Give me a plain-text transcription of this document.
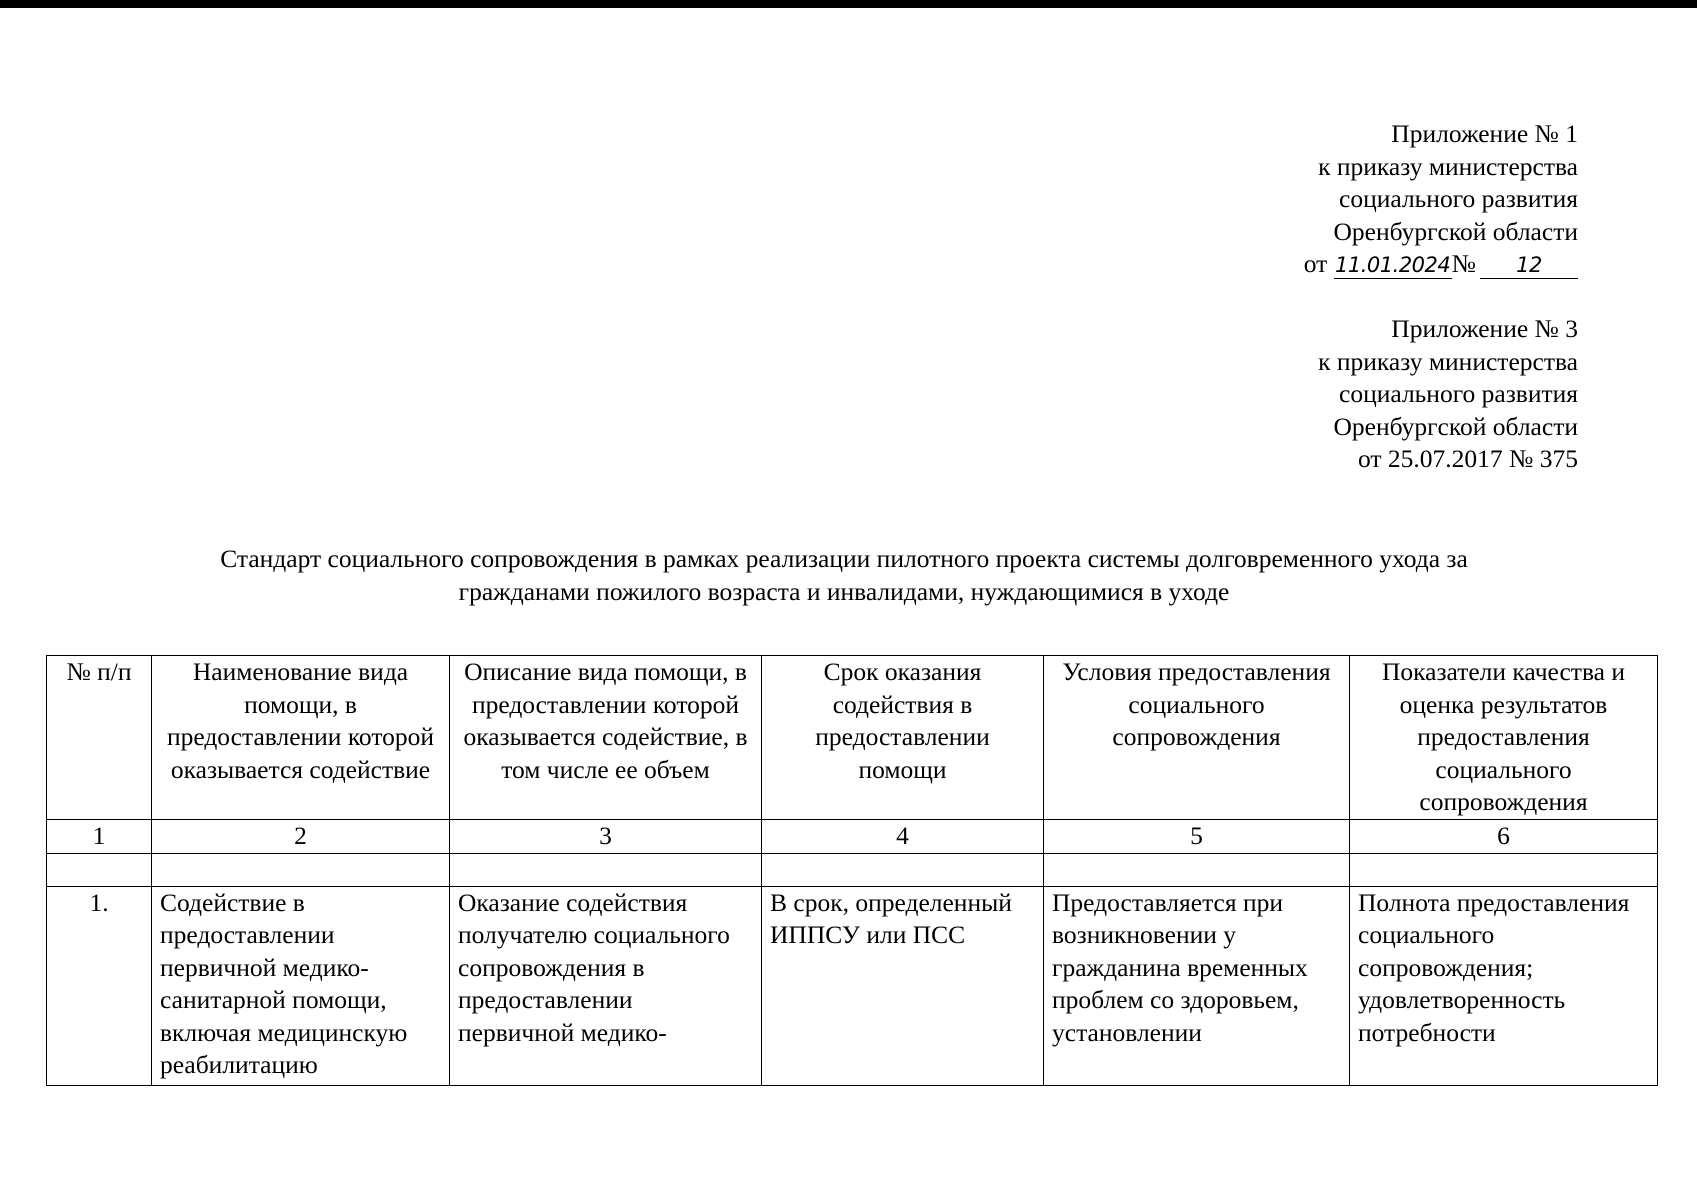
Приложение № 1
к приказу министерства
социального развития
Оренбургской области
от 11.01.2024№ 12
Приложение № 3
к приказу министерства
социального развития
Оренбургской области
от 25.07.2017 № 375
Стандарт социального сопровождения в рамках реализации пилотного проекта системы долговременного ухода за
гражданами пожилого возраста и инвалидами, нуждающимися в уходе
№ п/п	Наименование вида помощи, в предоставлении которой оказывается содействие	Описание вида помощи, в предоставлении которой оказывается содействие, в том числе ее объем	Срок оказания содействия в предоставлении помощи	Условия предоставления социального сопровождения	Показатели качества и оценка результатов предоставления социального сопровождения
1	2	3	4	5	6

1.	Содействие в предоставлении первичной медико-санитарной помощи, включая медицинскую реабилитацию	Оказание содействия получателю социального сопровождения в предоставлении первичной медико-	В срок, определенный ИППСУ или ПСС	Предоставляется при возникновении у гражданина временных проблем со здоровьем, установлении	Полнота предоставления социального сопровождения; удовлетворенность потребности
